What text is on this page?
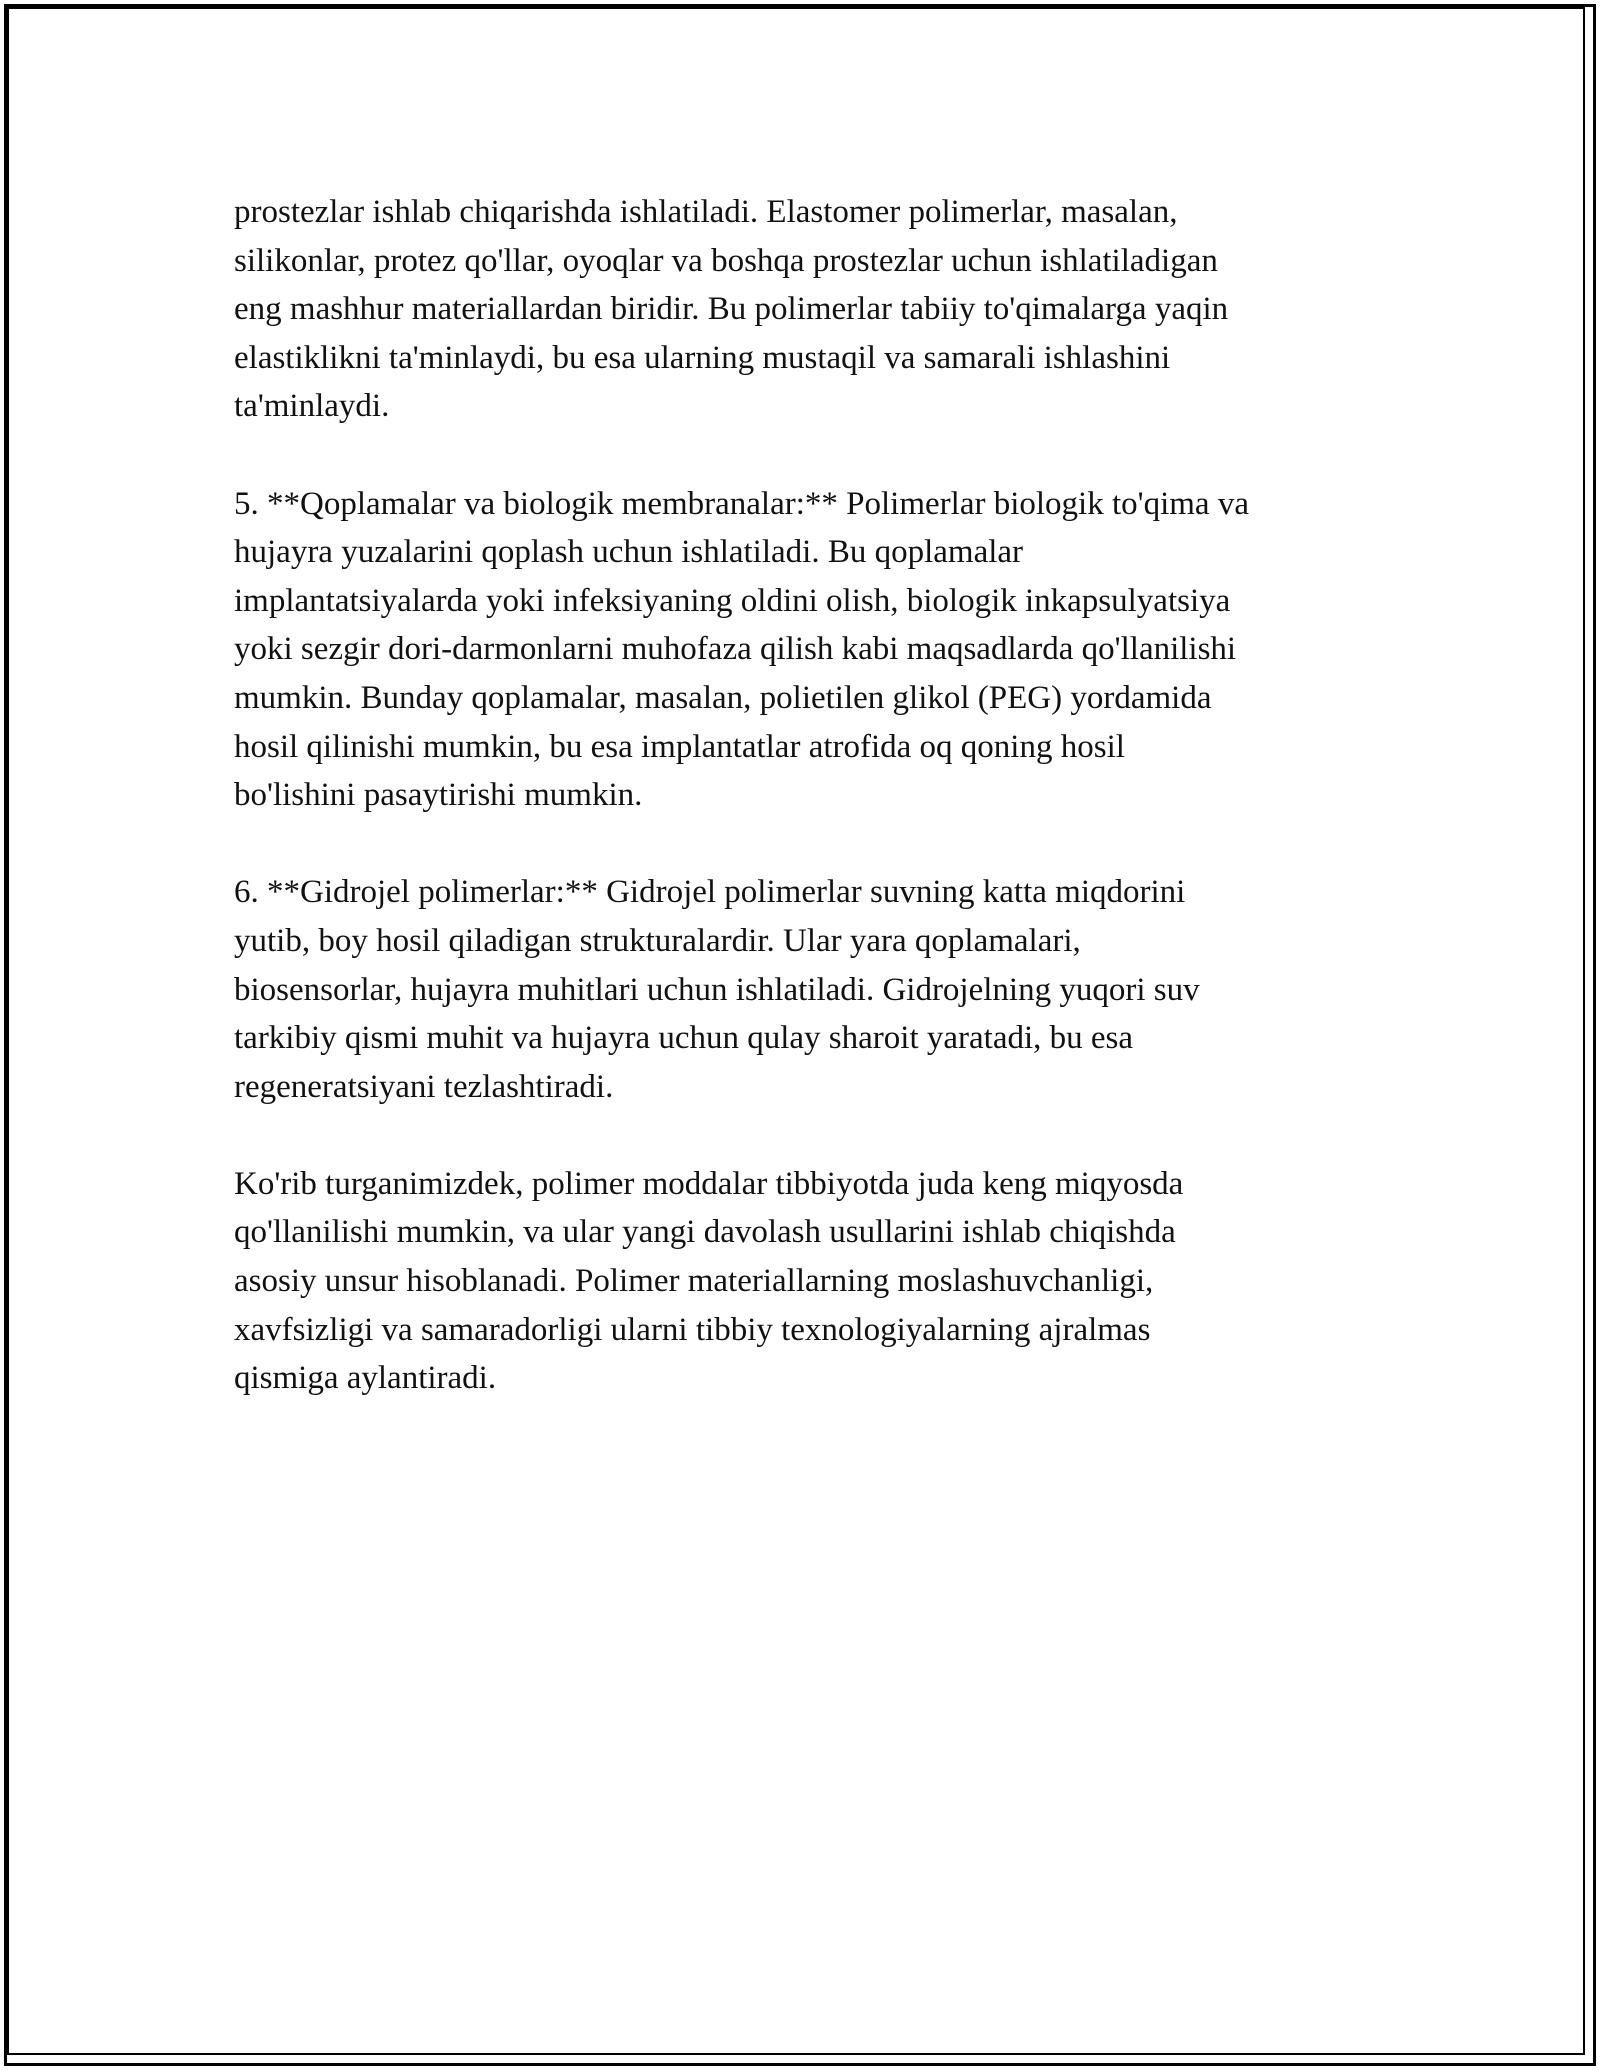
prostezlar ishlab chiqarishda ishlatiladi. Elastomer polimerlar, masalan,
silikonlar, protez qo'llar, oyoqlar va boshqa prostezlar uchun ishlatiladigan
eng mashhur materiallardan biridir. Bu polimerlar tabiiy to'qimalarga yaqin
elastiklikni ta'minlaydi, bu esa ularning mustaqil va samarali ishlashini
ta'minlaydi.

5. **Qoplamalar va biologik membranalar:** Polimerlar biologik to'qima va
hujayra yuzalarini qoplash uchun ishlatiladi. Bu qoplamalar
implantatsiyalarda yoki infeksiyaning oldini olish, biologik inkapsulyatsiya
yoki sezgir dori-darmonlarni muhofaza qilish kabi maqsadlarda qo'llanilishi
mumkin. Bunday qoplamalar, masalan, polietilen glikol (PEG) yordamida
hosil qilinishi mumkin, bu esa implantatlar atrofida oq qoning hosil
bo'lishini pasaytirishi mumkin.

6. **Gidrojel polimerlar:** Gidrojel polimerlar suvning katta miqdorini
yutib, boy hosil qiladigan strukturalardir. Ular yara qoplamalari,
biosensorlar, hujayra muhitlari uchun ishlatiladi. Gidrojelning yuqori suv
tarkibiy qismi muhit va hujayra uchun qulay sharoit yaratadi, bu esa
regeneratsiyani tezlashtiradi.

Ko'rib turganimizdek, polimer moddalar tibbiyotda juda keng miqyosda
qo'llanilishi mumkin, va ular yangi davolash usullarini ishlab chiqishda
asosiy unsur hisoblanadi. Polimer materiallarning moslashuvchanligi,
xavfsizligi va samaradorligi ularni tibbiy texnologiyalarning ajralmas
qismiga aylantiradi.
